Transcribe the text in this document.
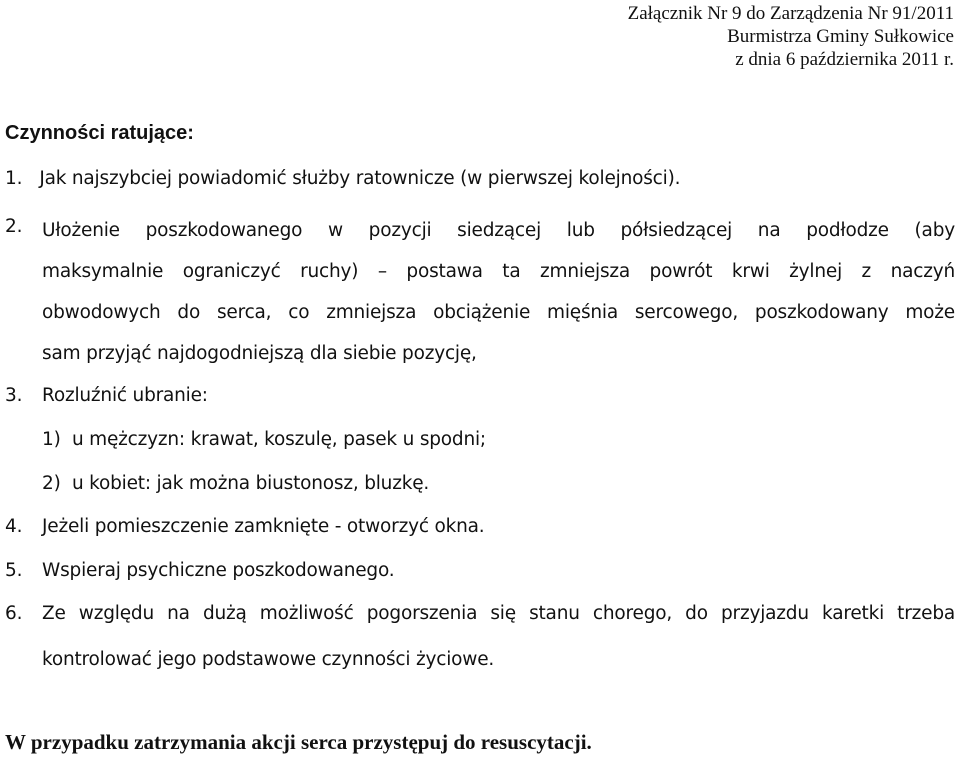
Załącznik Nr 9 do Zarządzenia Nr 91/2011
Burmistrza Gminy Sułkowice
z dnia 6 października 2011 r.
Czynności ratujące:
1. Jak najszybciej powiadomić służby ratownicze (w pierwszej kolejności).
2. Ułożenie poszkodowanego w pozycji siedzącej lub półsiedzącej na podłodze (aby
maksymalnie ograniczyć ruchy) – postawa ta zmniejsza powrót krwi żylnej z naczyń
obwodowych do serca, co zmniejsza obciążenie mięśnia sercowego, poszkodowany może
sam przyjąć najdogodniejszą dla siebie pozycję,
3. Rozluźnić ubranie:
1)  u mężczyzn: krawat, koszulę, pasek u spodni;
2)  u kobiet: jak można biustonosz, bluzkę.
4. Jeżeli pomieszczenie zamknięte - otworzyć okna.
5. Wspieraj psychiczne poszkodowanego.
6. Ze względu na dużą możliwość pogorszenia się stanu chorego, do przyjazdu karetki trzeba
kontrolować jego podstawowe czynności życiowe.
W przypadku zatrzymania akcji serca przystępuj do resuscytacji.
